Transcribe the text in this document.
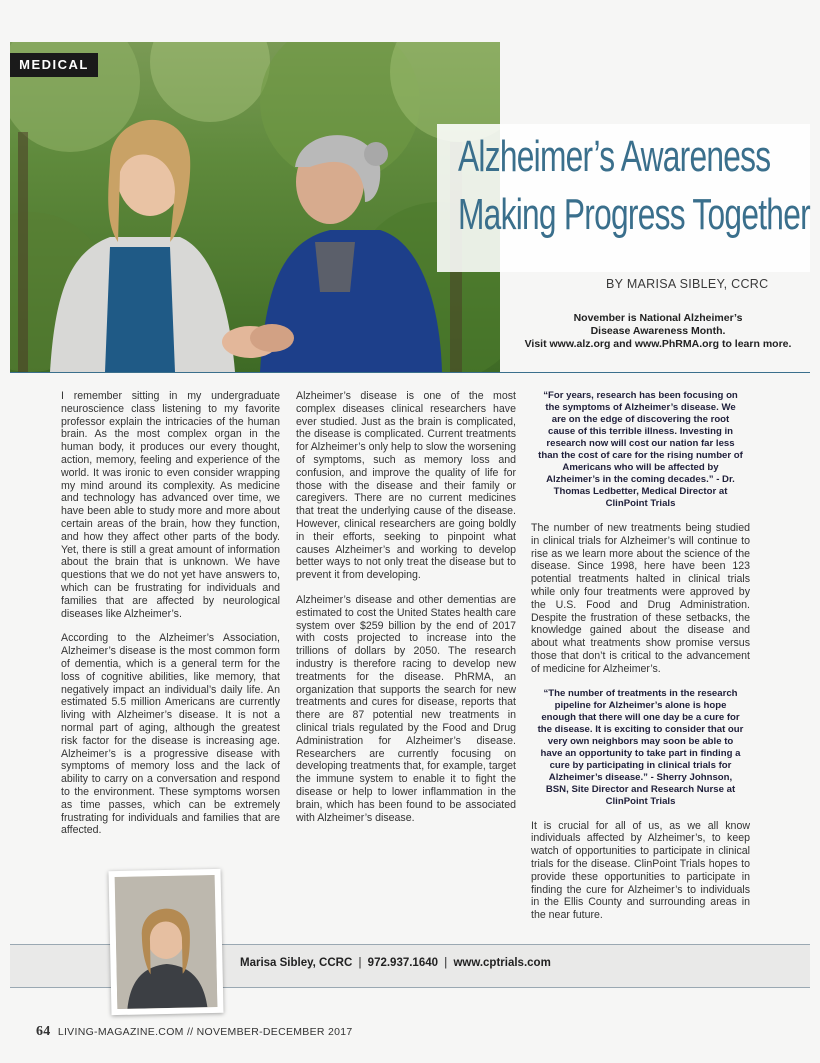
MEDICAL
Alzheimer’s Awareness
Making Progress Together
BY MARISA SIBLEY, CCRC
November is National Alzheimer’s
Disease Awareness Month.
Visit www.alz.org and www.PhRMA.org to learn more.

I remember sitting in my undergraduate neuroscience class listening to my favorite professor explain the intricacies of the human brain. As the most complex organ in the human body, it produces our every thought, action, memory, feeling and experience of the world. It was ironic to even consider wrapping my mind around its complexity. As medicine and technology has advanced over time, we have been able to study more and more about certain areas of the brain, how they function, and how they affect other parts of the body. Yet, there is still a great amount of information about the brain that is unknown. We have questions that we do not yet have answers to, which can be frustrating for individuals and families that are affected by neurological diseases like Alzheimer’s.

According to the Alzheimer’s Association, Alzheimer’s disease is the most common form of dementia, which is a general term for the loss of cognitive abilities, like memory, that negatively impact an individual’s daily life. An estimated 5.5 million Americans are currently living with Alzheimer’s disease. It is not a normal part of aging, although the greatest risk factor for the disease is increasing age. Alzheimer’s is a progressive disease with symptoms of memory loss and the lack of ability to carry on a conversation and respond to the environment. These symptoms worsen as time passes, which can be extremely frustrating for individuals and families that are affected.

Alzheimer’s disease is one of the most complex diseases clinical researchers have ever studied. Just as the brain is complicated, the disease is complicated. Current treatments for Alzheimer’s only help to slow the worsening of symptoms, such as memory loss and confusion, and improve the quality of life for those with the disease and their family or caregivers. There are no current medicines that treat the underlying cause of the disease. However, clinical researchers are going boldly in their efforts, seeking to pinpoint what causes Alzheimer’s and working to develop better ways to not only treat the disease but to prevent it from developing.

Alzheimer’s disease and other dementias are estimated to cost the United States health care system over $259 billion by the end of 2017 with costs projected to increase into the trillions of dollars by 2050. The research industry is therefore racing to develop new treatments for the disease. PhRMA, an organization that supports the search for new treatments and cures for disease, reports that there are 87 potential new treatments in clinical trials regulated by the Food and Drug Administration for Alzheimer’s disease. Researchers are currently focusing on developing treatments that, for example, target the immune system to enable it to fight the disease or help to lower inflammation in the brain, which has been found to be associated with Alzheimer’s disease.

“For years, research has been focusing on the symptoms of Alzheimer’s disease. We are on the edge of discovering the root cause of this terrible illness. Investing in research now will cost our nation far less than the cost of care for the rising number of Americans who will be affected by Alzheimer’s in the coming decades.” - Dr. Thomas Ledbetter, Medical Director at ClinPoint Trials

The number of new treatments being studied in clinical trials for Alzheimer’s will continue to rise as we learn more about the science of the disease. Since 1998, here have been 123 potential treatments halted in clinical trials while only four treatments were approved by the U.S. Food and Drug Administration. Despite the frustration of these setbacks, the knowledge gained about the disease and about what treatments show promise versus those that don’t is critical to the advancement of medicine for Alzheimer’s.

“The number of treatments in the research pipeline for Alzheimer’s alone is hope enough that there will one day be a cure for the disease. It is exciting to consider that our very own neighbors may soon be able to have an opportunity to take part in finding a cure by participating in clinical trials for Alzheimer’s disease.” - Sherry Johnson, BSN, Site Director and Research Nurse at ClinPoint Trials

It is crucial for all of us, as we all know individuals affected by Alzheimer’s, to keep watch of opportunities to participate in clinical trials for the disease. ClinPoint Trials hopes to provide these opportunities to participate in finding the cure for Alzheimer’s to individuals in the Ellis County and surrounding areas in the near future.

Marisa Sibley, CCRC | 972.937.1640 | www.cptrials.com
64 LIVING-MAGAZINE.COM // NOVEMBER-DECEMBER 2017
